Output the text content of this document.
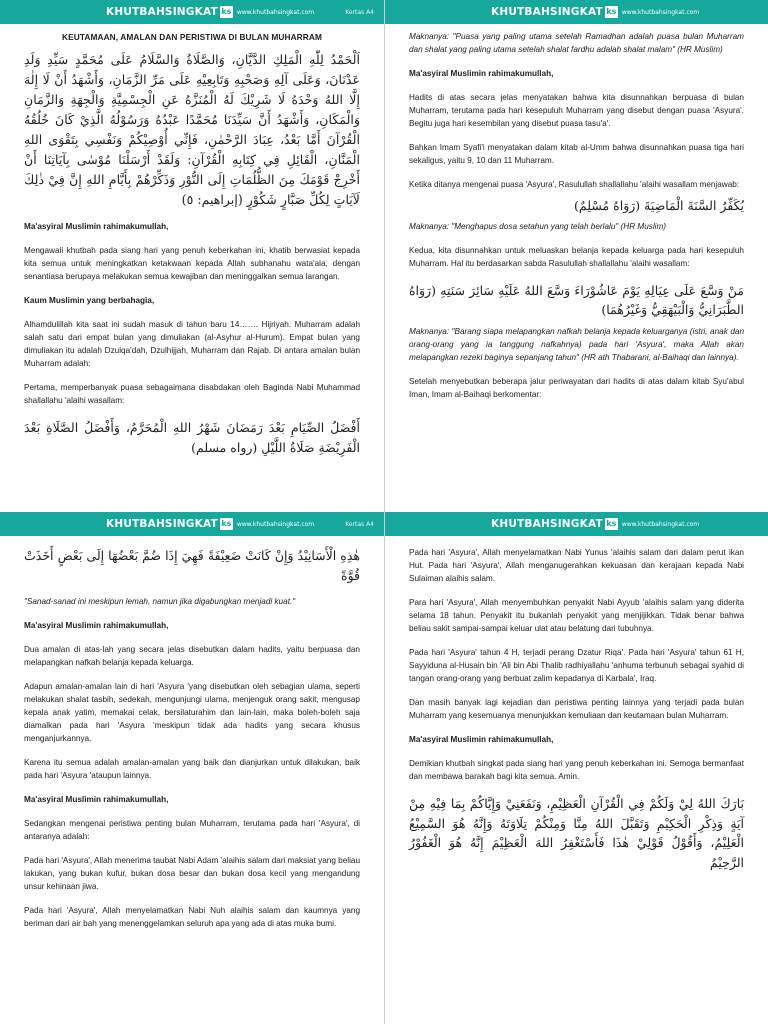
KHUTBAHSINGKAT ks www.khutbahsingkat.com	Kertas A4
KEUTAMAAN, AMALAN DAN PERISTIWA DI BULAN MUHARRAM
اَلْحَمْدُ لِلّٰهِ الْمَلِكِ الدَّيَّانِ، وَالصَّلَاةُ وَالسَّلَامُ عَلَى مُحَمَّدٍ سَيِّدِ وَلَدِ عَدْنَانَ، وَعَلَى آلِهِ وَصَحْبِهِ وَتَابِعِيْهِ عَلَى مَرِّ الزَّمَانِ، وَأَشْهَدُ أَنْ لَا إِلٰهَ إِلَّا اللهُ وَحْدَهُ لَا شَرِيْكَ لَهُ الْمُنَزَّهُ عَنِ الْجِسْمِيَّةِ وَالْجِهَةِ وَالزَّمَانِ وَالْمَكَانِ، وَأَشْهَدُ أَنَّ سَيِّدَنَا مُحَمَّدًا عَبْدُهُ وَرَسُوْلُهُ الَّذِيْ كَانَ خُلُقُهُ الْقُرْآنَ أَمَّا بَعْدُ، عِبَادَ الرَّحْمٰنِ، فَإِنِّي أُوْصِيْكُمْ وَنَفْسِي بِتَقْوَى اللهِ الْمَنَّانِ، الْقَائِلِ فِي كِتَابِهِ الْقُرْآنِ: وَلَقَدْ أَرْسَلْنَا مُوْسٰى بِآيَاتِنَا أَنْ أَخْرِجْ قَوْمَكَ مِنَ الظُّلُمَاتِ إِلَى النُّوْرِ وَذَكِّرْهُمْ بِأَيَّامِ اللهِ إِنَّ فِيْ ذٰلِكَ لَآيَاتٍ لِكُلِّ صَبَّارٍ شَكُوْرٍ (إبراهيم: ٥)
Ma'asyiral Muslimin rahimakumullah,
Mengawali khutbah pada siang hari yang penuh keberkahan ini, khatib berwasiat kepada kita semua untuk meningkatkan ketakwaan kepada Allah subhanahu wata'ala, dengan senantiasa berupaya melakukan semua kewajiban dan meninggalkan semua larangan.
Kaum Muslimin yang berbahagia,
Alhamdulillah kita saat ini sudah masuk di tahun baru 14……. Hijriyah. Muharram adalah salah satu dari empat bulan yang dimuliakan (al-Asyhur al-Hurum). Empat bulan yang dimuliakan itu adalah Dzulqa'dah, Dzulhijjah, Muharram dan Rajab. Di antara amalan bulan Muharram adalah:
Pertama, memperbanyak puasa sebagaimana disabdakan oleh Baginda Nabi Muhammad shallallahu 'alaihi wasallam:
أَفْضَلُ الصِّيَامِ بَعْدَ رَمَضَانَ شَهْرُ اللهِ الْمُحَرَّمُ، وَأَفْضَلُ الصَّلَاةِ بَعْدَ الْفَرِيْضَةِ صَلَاةُ اللَّيْلِ (رواه مسلم)
KHUTBAHSINGKAT ks www.khutbahsingkat.com
Maknanya: "Puasa yang paling utama setelah Ramadhan adalah puasa bulan Muharram dan shalat yang paling utama setelah shalat fardhu adalah shalat malam" (HR Muslim)
Ma'asyiral Muslimin rahimakumullah,
Hadits di atas secara jelas menyatakan bahwa kita disunnahkan berpuasa di bulan Muharram, terutama pada hari kesepuluh Muharram yang disebut dengan puasa 'Asyura'. Begitu juga hari kesembilan yang disebut puasa tasu'a'.
Bahkan Imam Syafi'i menyatakan dalam kitab al-Umm bahwa disunnahkan puasa tiga hari sekaligus, yaitu 9, 10 dan 11 Muharram.
Ketika ditanya mengenai puasa 'Asyura', Rasulullah shallallahu 'alaihi wasallam menjawab:
يُكَفِّرُ السَّنَةَ الْمَاضِيَةَ (رَوَاهُ مُسْلِمٌ)
Maknanya: "Menghapus dosa setahun yang telah berlalu" (HR Muslim)
Kedua, kita disunnahkan untuk meluaskan belanja kepada keluarga pada hari kesepuluh Muharram. Hal itu berdasarkan sabda Rasulullah shallallahu 'alaihi wasallam:
مَنْ وَسَّعَ عَلَى عِيَالِهِ يَوْمَ عَاشُوْرَاءَ وَسَّعَ اللهُ عَلَيْهِ سَائِرَ سَنَتِهِ (رَوَاهُ الطَّبَرَانِيُّ وَالْبَيْهَقِيُّ وَغَيْرُهُمَا)
Maknanya: "Barang siapa melapangkan nafkah belanja kepada keluarganya (istri, anak dan orang-orang yang ia tanggung nafkahnya) pada hari 'Asyura', maka Allah akan melapangkan rezeki baginya sepanjang tahun" (HR ath Thabarani, al-Baihaqi dan lainnya).
Setelah menyebutkan beberapa jalur periwayatan dari hadits di atas dalam kitab Syu'abul Iman, Imam al-Baihaqi berkomentar:
KHUTBAHSINGKAT ks www.khutbahsingkat.com	Kertas A4
هٰذِهِ الْأَسَانِيْدُ وَإِنْ كَانَتْ ضَعِيْفَةً فَهِيَ إِذَا ضُمَّ بَعْضُهَا إِلَى بَعْضٍ أَخَذَتْ قُوَّةً
"Sanad-sanad ini meskipun lemah, namun jika digabungkan menjadi kuat."
Ma'asyiral Muslimin rahimakumullah,
Dua amalan di atas-lah yang secara jelas disebutkan dalam hadits, yaitu berpuasa dan melapangkan nafkah belanja kepada keluarga.
Adapun amalan-amalan lain di hari 'Asyura 'yang disebutkan oleh sebagian ulama, seperti melakukan shalat tasbih, sedekah, mengunjungi ulama, menjenguk orang sakit, mengusap kepala anak yatim, memakai celak, bersilaturahim dan lain-lain, maka boleh-boleh saja diamalkan pada hari 'Asyura 'meskipun tidak ada hadits yang secara khusus menganjurkannya.
Karena itu semua adalah amalan-amalan yang baik dan dianjurkan untuk dilakukan, baik pada hari 'Asyura 'ataupun lainnya.
Ma'asyiral Muslimin rahimakumullah,
Sedangkan mengenai peristiwa penting bulan Muharram, terutama pada hari 'Asyura', di antaranya adalah:
Pada hari 'Asyura', Allah menerima taubat Nabi Adam 'alaihis salam dari maksiat yang beliau lakukan, yang bukan kufur, bukan dosa besar dan bukan dosa kecil yang mengandung unsur kehinaan jiwa.
Pada hari 'Asyura', Allah menyelamatkan Nabi Nuh alaihis salam dan kaumnya yang beriman dari air bah yang menenggelamkan seluruh apa yang ada di atas muka bumi.
KHUTBAHSINGKAT ks www.khutbahsingkat.com
Pada hari 'Asyura', Allah menyelamatkan Nabi Yunus 'alaihis salam dari dalam perut ikan Hut. Pada hari 'Asyura', Allah menganugerahkan kekuasan dan kerajaan kepada Nabi Sulaiman alaihis salam.
Para hari 'Asyura', Allah menyembuhkan penyakit Nabi Ayyub 'alaihis salam yang diderita selama 18 tahun. Penyakit itu bukanlah penyakit yang menjijikkan. Tidak benar bahwa beliau sakit sampai-sampai keluar ulat atau belatung dari tubuhnya.
Pada hari 'Asyura' tahun 4 H, terjadi perang Dzatur Riqa'. Pada hari 'Asyura' tahun 61 H, Sayyiduna al-Husain bin 'Ali bin Abi Thalib radhiyallahu 'anhuma terbunuh sebagai syahid di tangan orang-orang yang berbuat zalim kepadanya di Karbala', Iraq.
Dan masih banyak lagi kejadian dan peristiwa penting lainnya yang terjadi pada bulan Muharram yang kesemuanya menunjukkan kemuliaan dan keutamaan bulan Muharram.
Ma'asyiral Muslimin rahimakumullah,
Demikian khutbah singkat pada siang hari yang penuh keberkahan ini. Semoga bermanfaat dan membawa barakah bagi kita semua. Amin.
بَارَكَ اللهُ لِيْ وَلَكُمْ فِي الْقُرْآنِ الْعَظِيْمِ، وَنَفَعَنِيْ وَإِيَّاكُمْ بِمَا فِيْهِ مِنْ آيَةٍ وَذِكْرِ الْحَكِيْمِ وَتَقَبَّلَ اللهُ مِنَّا وَمِنْكُمْ تِلَاوَتَهُ وَإِنَّهُ هُوَ السَّمِيْعُ الْعَلِيْمُ، وَأَقُوْلُ قَوْلِيْ هٰذَا فَأَسْتَغْفِرُ اللهَ الْعَظِيْمَ إِنَّهُ هُوَ الْغَفُوْرُ الرَّحِيْمُ
